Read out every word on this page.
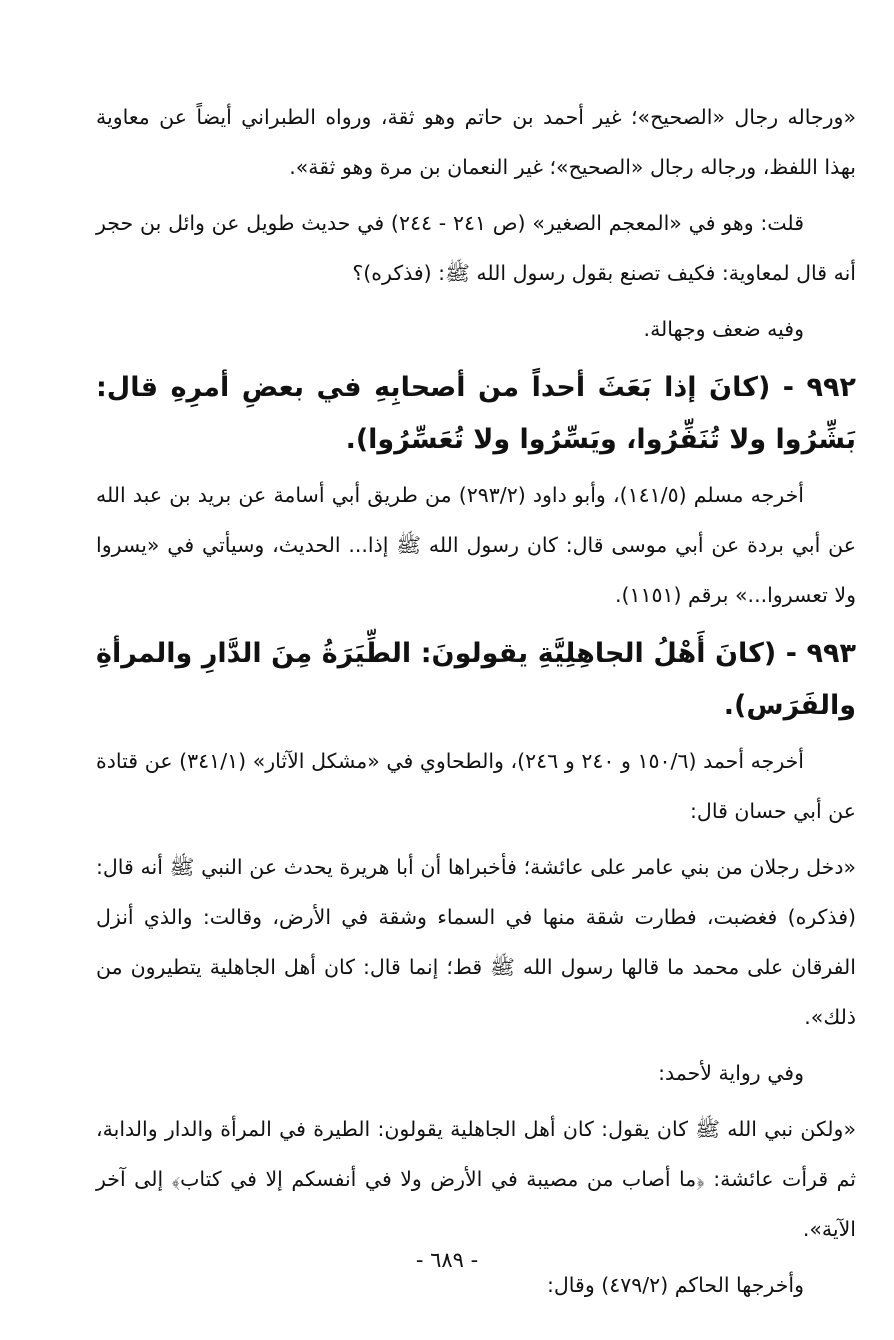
«ورجاله رجال «الصحيح»؛ غير أحمد بن حاتم وهو ثقة، ورواه الطبراني أيضاً عن معاوية بهذا اللفظ، ورجاله رجال «الصحيح»؛ غير النعمان بن مرة وهو ثقة».

قلت: وهو في «المعجم الصغير» (ص ٢٤١ - ٢٤٤) في حديث طويل عن وائل بن حجر أنه قال لمعاوية: فكيف تصنع بقول رسول الله ﷺ: (فذكره)؟

وفيه ضعف وجهالة.

٩٩٢ - (كانَ إذا بَعَثَ أحداً من أصحابِهِ في بعضِ أمرِهِ قال: بَشِّرُوا ولا تُنَفِّرُوا، ويَسِّرُوا ولا تُعَسِّرُوا).

أخرجه مسلم (١٤١/٥)، وأبو داود (٢٩٣/٢) من طريق أبي أسامة عن بريد بن عبد الله عن أبي بردة عن أبي موسى قال: كان رسول الله ﷺ إذا... الحديث، وسيأتي في «يسروا ولا تعسروا...» برقم (١١٥١).

٩٩٣ - (كانَ أَهْلُ الجاهِلِيَّةِ يقولونَ: الطِّيَرَةُ مِنَ الدَّارِ والمرأةِ والفَرَس).

أخرجه أحمد (١٥٠/٦ و ٢٤٠ و ٢٤٦)، والطحاوي في «مشكل الآثار» (٣٤١/١) عن قتادة عن أبي حسان قال:

«دخل رجلان من بني عامر على عائشة؛ فأخبراها أن أبا هريرة يحدث عن النبي ﷺ أنه قال: (فذكره) فغضبت، فطارت شقة منها في السماء وشقة في الأرض، وقالت: والذي أنزل الفرقان على محمد ما قالها رسول الله ﷺ قط؛ إنما قال: كان أهل الجاهلية يتطيرون من ذلك».

وفي رواية لأحمد:

«ولكن نبي الله ﷺ كان يقول: كان أهل الجاهلية يقولون: الطيرة في المرأة والدار والدابة، ثم قرأت عائشة: ﴿ما أصاب من مصيبة في الأرض ولا في أنفسكم إلا في كتاب﴾ إلى آخر الآية».

وأخرجها الحاكم (٤٧٩/٢) وقال:

- ٦٨٩ -
